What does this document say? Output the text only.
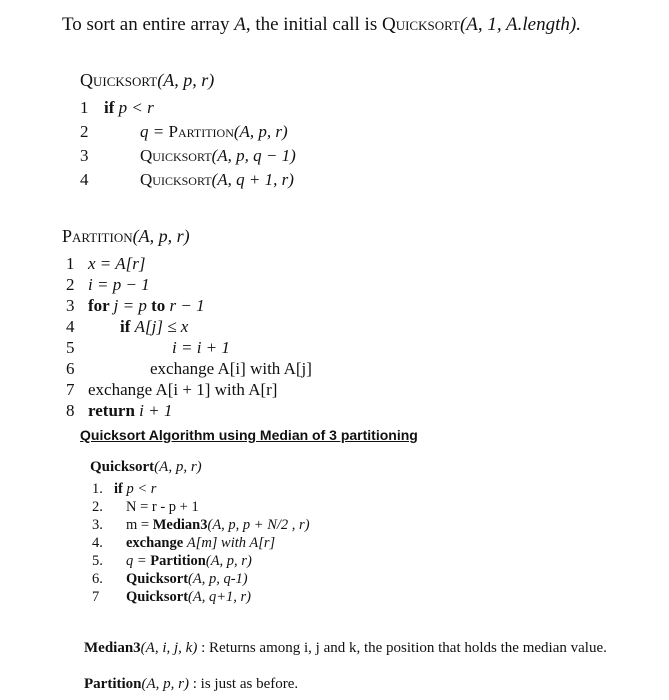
To sort an entire array A, the initial call is Quicksort(A, 1, A.length).
Quicksort(A, p, r)
1 if p < r
2	q = Partition(A, p, r)
3	Quicksort(A, p, q − 1)
4	Quicksort(A, q + 1, r)
Partition(A, p, r)
1 x = A[r]
2 i = p − 1
3 for j = p to r − 1
4	if A[j] ≤ x
5	i = i + 1
6	exchange A[i] with A[j]
7 exchange A[i + 1] with A[r]
8 return i + 1
Quicksort Algorithm using Median of 3 partitioning
Quicksort(A, p, r)
1. if p < r
2. N = r - p + 1
3. m = Median3(A, p, p + N/2 , r)
4. exchange A[m] with A[r]
5. q = Partition(A, p, r)
6. Quicksort(A, p, q-1)
7 Quicksort(A, q+1, r)
Median3(A, i, j, k) : Returns among i, j and k, the position that holds the median value.
Partition(A, p, r) : is just as before.
